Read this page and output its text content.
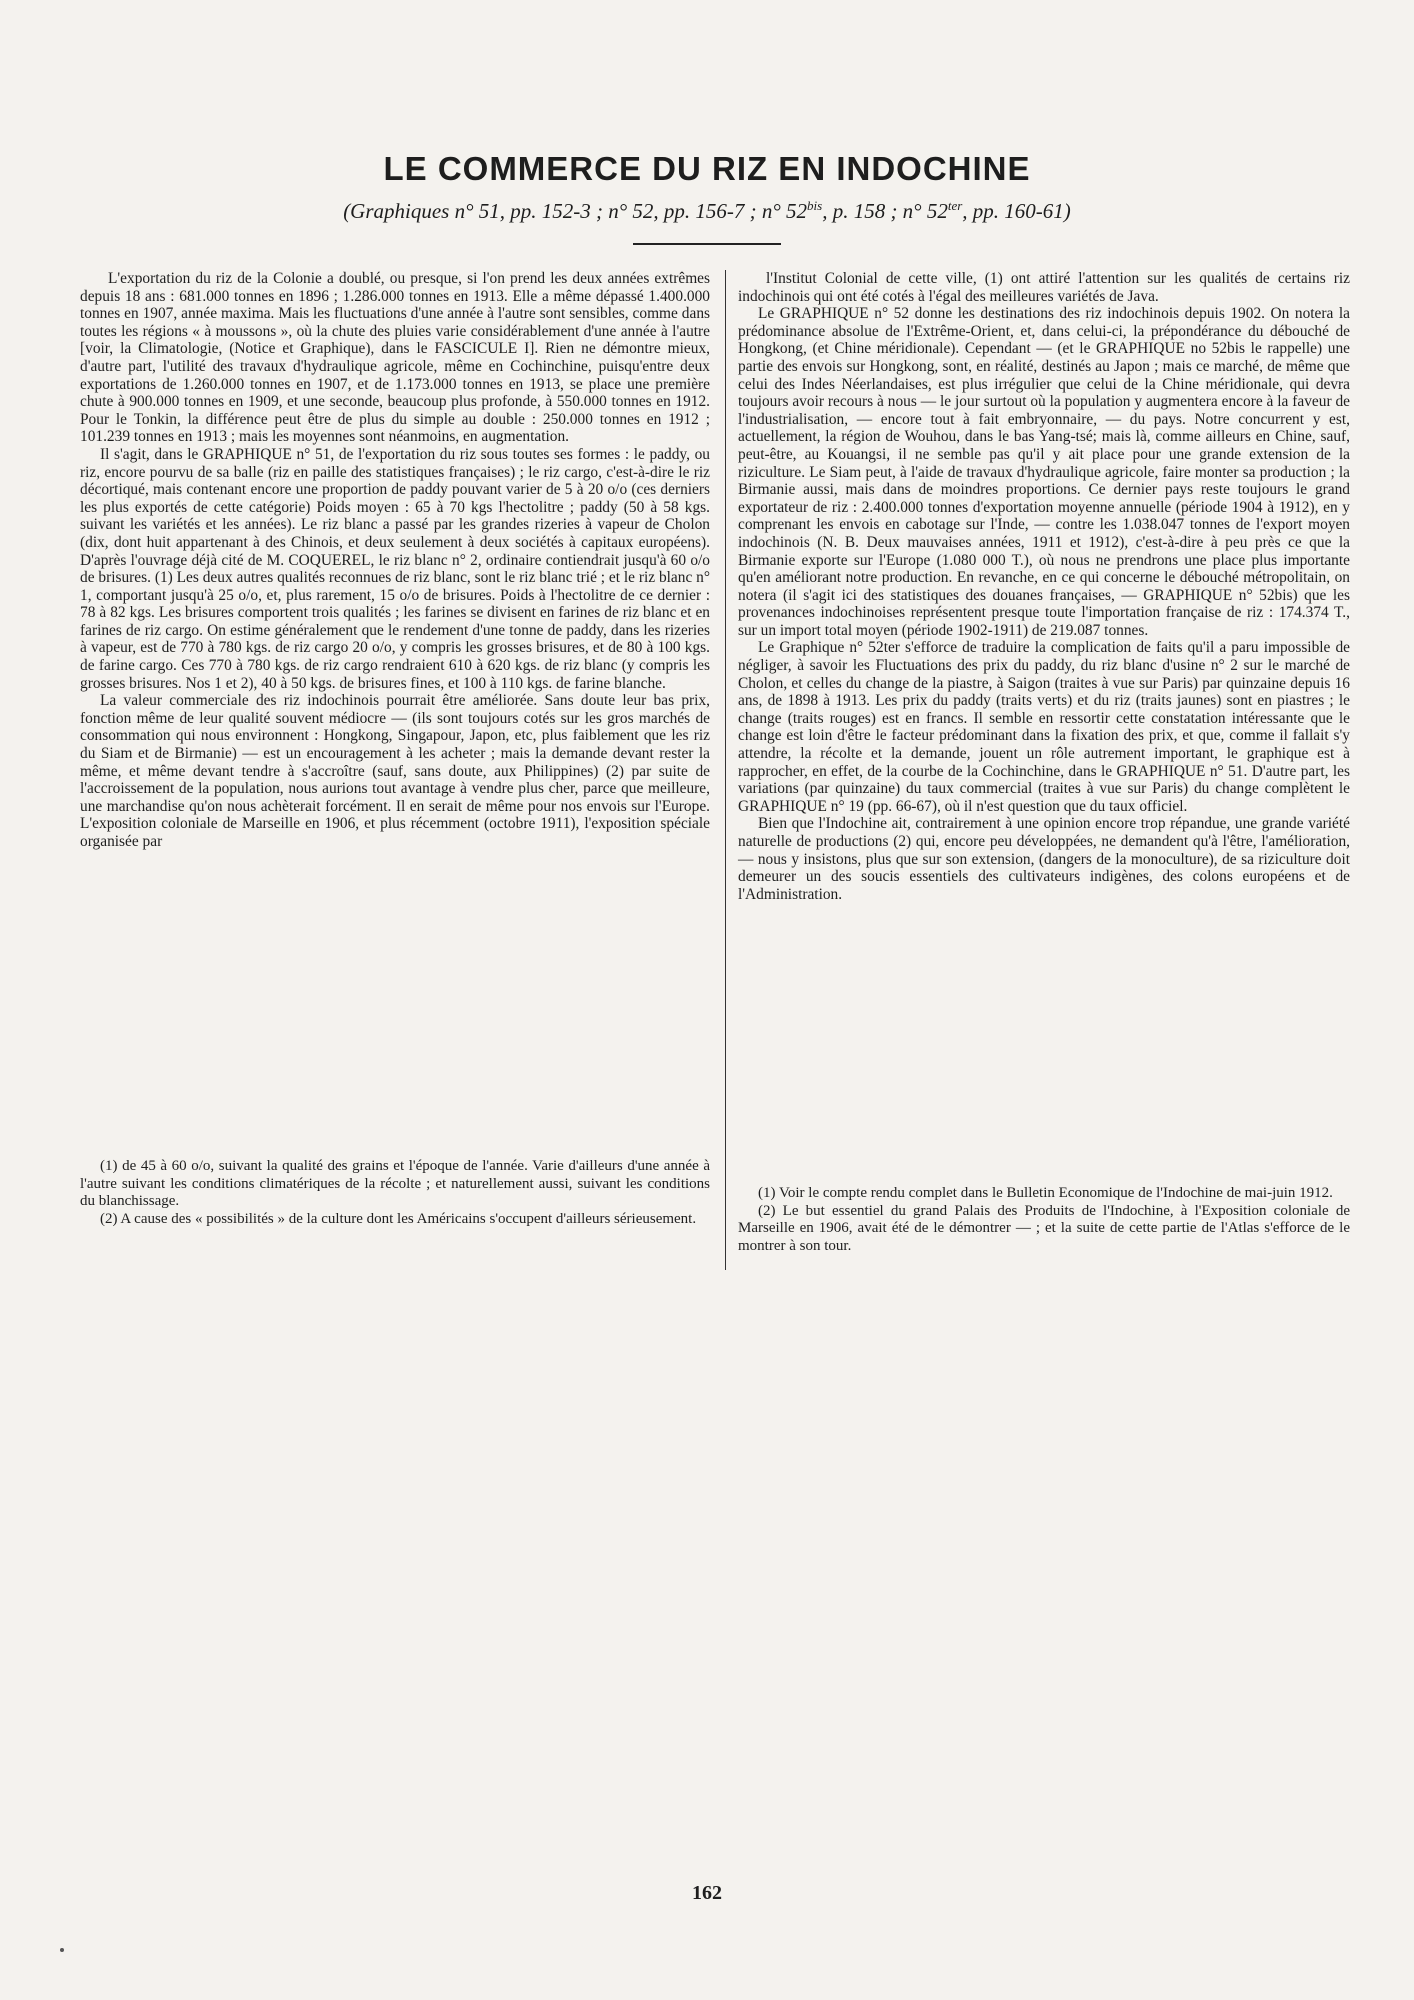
LE COMMERCE DU RIZ EN INDOCHINE

(Graphiques n° 51, pp. 152-3 ; n° 52, pp. 156-7 ; n° $52^{bis}$, p. 158 ; n° $52^{ter}$, pp. 160-61)

L'exportation du riz de la Colonie a doublé, ou presque, si l'on prend les deux années extrêmes depuis 18 ans : 681.000 tonnes en 1896 ; 1.286.000 tonnes en 1913. Elle a même dépassé 1.400.000 tonnes en 1907, année maxima. Mais les fluctuations d'une année à l'autre sont sensibles, comme dans toutes les régions « à moussons », où la chute des pluies varie considérablement d'une année à l'autre [voir, la Climatologie, (Notice et Graphique), dans le FASCICULE I]. Rien ne démontre mieux, d'autre part, l'utilité des travaux d'hydraulique agricole, même en Cochinchine, puisqu'entre deux exportations de 1.260.000 tonnes en 1907, et de 1.173.000 tonnes en 1913, se place une première chute à 900.000 tonnes en 1909, et une seconde, beaucoup plus profonde, à 550.000 tonnes en 1912. Pour le Tonkin, la différence peut être de plus du simple au double : 250.000 tonnes en 1912 ; 101.239 tonnes en 1913 ; mais les moyennes sont néanmoins, en augmentation.

Il s'agit, dans le GRAPHIQUE n° 51, de l'exportation du riz sous toutes ses formes : le paddy, ou riz, encore pourvu de sa balle (riz en paille des statistiques françaises) ; le riz cargo, c'est-à-dire le riz décortiqué, mais contenant encore une proportion de paddy pouvant varier de 5 à 20 o/o (ces derniers les plus exportés de cette catégorie) Poids moyen : 65 à 70 kgs l'hectolitre ; paddy (50 à 58 kgs. suivant les variétés et les années). Le riz blanc a passé par les grandes rizeries à vapeur de Cholon (dix, dont huit appartenant à des Chinois, et deux seulement à deux sociétés à capitaux européens). D'après l'ouvrage déjà cité de M. COQUEREL, le riz blanc n° 2, ordinaire contiendrait jusqu'à 60 o/o de brisures. (1) Les deux autres qualités reconnues de riz blanc, sont le riz blanc trié ; et le riz blanc n° 1, comportant jusqu'à 25 o/o, et, plus rarement, 15 o/o de brisures. Poids à l'hectolitre de ce dernier : 78 à 82 kgs. Les brisures comportent trois qualités ; les farines se divisent en farines de riz blanc et en farines de riz cargo. On estime généralement que le rendement d'une tonne de paddy, dans les rizeries à vapeur, est de 770 à 780 kgs. de riz cargo 20 o/o, y compris les grosses brisures, et de 80 à 100 kgs. de farine cargo. Ces 770 à 780 kgs. de riz cargo rendraient 610 à 620 kgs. de riz blanc (y compris les grosses brisures. Nos 1 et 2), 40 à 50 kgs. de brisures fines, et 100 à 110 kgs. de farine blanche.

La valeur commerciale des riz indochinois pourrait être améliorée. Sans doute leur bas prix, fonction même de leur qualité souvent médiocre — (ils sont toujours cotés sur les gros marchés de consommation qui nous environnent : Hongkong, Singapour, Japon, etc, plus faiblement que les riz du Siam et de Birmanie) — est un encouragement à les acheter ; mais la demande devant rester la même, et même devant tendre à s'accroître (sauf, sans doute, aux Philippines) (2) par suite de l'accroissement de la population, nous aurions tout avantage à vendre plus cher, parce que meilleure, une marchandise qu'on nous achèterait forcément. Il en serait de même pour nos envois sur l'Europe. L'exposition coloniale de Marseille en 1906, et plus récemment (octobre 1911), l'exposition spéciale organisée par

l'Institut Colonial de cette ville, (1) ont attiré l'attention sur les qualités de certains riz indochinois qui ont été cotés à l'égal des meilleures variétés de Java.

Le GRAPHIQUE n° 52 donne les destinations des riz indochinois depuis 1902. On notera la prédominance absolue de l'Extrême-Orient, et, dans celui-ci, la prépondérance du débouché de Hongkong, (et Chine méridionale). Cependant — (et le GRAPHIQUE no 52bis le rappelle) une partie des envois sur Hongkong, sont, en réalité, destinés au Japon ; mais ce marché, de même que celui des Indes Néerlandaises, est plus irrégulier que celui de la Chine méridionale, qui devra toujours avoir recours à nous — le jour surtout où la population y augmentera encore à la faveur de l'industrialisation, — encore tout à fait embryonnaire, — du pays. Notre concurrent y est, actuellement, la région de Wouhou, dans le bas Yang-tsé; mais là, comme ailleurs en Chine, sauf, peut-être, au Kouangsi, il ne semble pas qu'il y ait place pour une grande extension de la riziculture. Le Siam peut, à l'aide de travaux d'hydraulique agricole, faire monter sa production ; la Birmanie aussi, mais dans de moindres proportions. Ce dernier pays reste toujours le grand exportateur de riz : 2.400.000 tonnes d'exportation moyenne annuelle (période 1904 à 1912), en y comprenant les envois en cabotage sur l'Inde, — contre les 1.038.047 tonnes de l'export moyen indochinois (N. B. Deux mauvaises années, 1911 et 1912), c'est-à-dire à peu près ce que la Birmanie exporte sur l'Europe (1.080 000 T.), où nous ne prendrons une place plus importante qu'en améliorant notre production. En revanche, en ce qui concerne le débouché métropolitain, on notera (il s'agit ici des statistiques des douanes françaises, — GRAPHIQUE n° 52bis) que les provenances indochinoises représentent presque toute l'importation française de riz : 174.374 T., sur un import total moyen (période 1902-1911) de 219.087 tonnes.

Le Graphique n° 52ter s'efforce de traduire la complication de faits qu'il a paru impossible de négliger, à savoir les Fluctuations des prix du paddy, du riz blanc d'usine n° 2 sur le marché de Cholon, et celles du change de la piastre, à Saigon (traites à vue sur Paris) par quinzaine depuis 16 ans, de 1898 à 1913. Les prix du paddy (traits verts) et du riz (traits jaunes) sont en piastres ; le change (traits rouges) est en francs. Il semble en ressortir cette constatation intéressante que le change est loin d'être le facteur prédominant dans la fixation des prix, et que, comme il fallait s'y attendre, la récolte et la demande, jouent un rôle autrement important, le graphique est à rapprocher, en effet, de la courbe de la Cochinchine, dans le GRAPHIQUE n° 51. D'autre part, les variations (par quinzaine) du taux commercial (traites à vue sur Paris) du change complètent le GRAPHIQUE n° 19 (pp. 66-67), où il n'est question que du taux officiel.

Bien que l'Indochine ait, contrairement à une opinion encore trop répandue, une grande variété naturelle de productions (2) qui, encore peu développées, ne demandent qu'à l'être, l'amélioration, — nous y insistons, plus que sur son extension, (dangers de la monoculture), de sa riziculture doit demeurer un des soucis essentiels des cultivateurs indigènes, des colons européens et de l'Administration.

(1) de 45 à 60 o/o, suivant la qualité des grains et l'époque de l'année. Varie d'ailleurs d'une année à l'autre suivant les conditions climatériques de la récolte ; et naturellement aussi, suivant les conditions du blanchissage.

(2) A cause des « possibilités » de la culture dont les Américains s'occupent d'ailleurs sérieusement.

(1) Voir le compte rendu complet dans le Bulletin Economique de l'Indochine de mai-juin 1912.

(2) Le but essentiel du grand Palais des Produits de l'Indochine, à l'Exposition coloniale de Marseille en 1906, avait été de le démontrer — ; et la suite de cette partie de l'Atlas s'efforce de le montrer à son tour.

162
